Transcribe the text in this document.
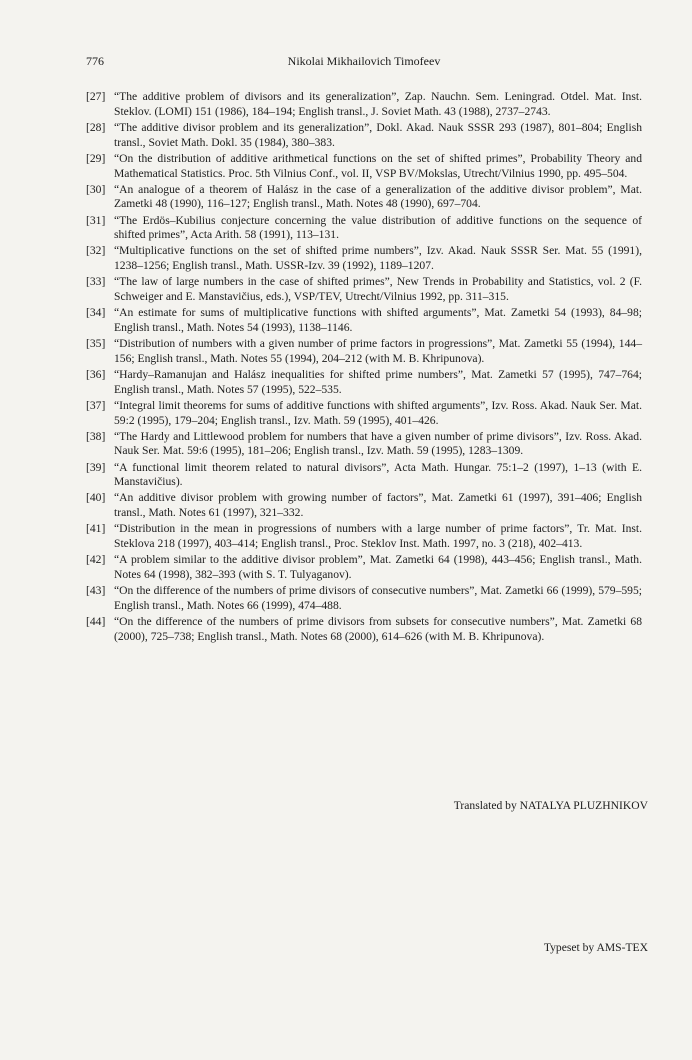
776	Nikolai Mikhailovich Timofeev
[27] “The additive problem of divisors and its generalization”, Zap. Nauchn. Sem. Leningrad. Otdel. Mat. Inst. Steklov. (LOMI) 151 (1986), 184–194; English transl., J. Soviet Math. 43 (1988), 2737–2743.
[28] “The additive divisor problem and its generalization”, Dokl. Akad. Nauk SSSR 293 (1987), 801–804; English transl., Soviet Math. Dokl. 35 (1984), 380–383.
[29] “On the distribution of additive arithmetical functions on the set of shifted primes”, Probability Theory and Mathematical Statistics. Proc. 5th Vilnius Conf., vol. II, VSP BV/Mokslas, Utrecht/Vilnius 1990, pp. 495–504.
[30] “An analogue of a theorem of Halász in the case of a generalization of the additive divisor problem”, Mat. Zametki 48 (1990), 116–127; English transl., Math. Notes 48 (1990), 697–704.
[31] “The Erdös–Kubilius conjecture concerning the value distribution of additive functions on the sequence of shifted primes”, Acta Arith. 58 (1991), 113–131.
[32] “Multiplicative functions on the set of shifted prime numbers”, Izv. Akad. Nauk SSSR Ser. Mat. 55 (1991), 1238–1256; English transl., Math. USSR-Izv. 39 (1992), 1189–1207.
[33] “The law of large numbers in the case of shifted primes”, New Trends in Probability and Statistics, vol. 2 (F. Schweiger and E. Manstavičius, eds.), VSP/TEV, Utrecht/Vilnius 1992, pp. 311–315.
[34] “An estimate for sums of multiplicative functions with shifted arguments”, Mat. Zametki 54 (1993), 84–98; English transl., Math. Notes 54 (1993), 1138–1146.
[35] “Distribution of numbers with a given number of prime factors in progressions”, Mat. Zametki 55 (1994), 144–156; English transl., Math. Notes 55 (1994), 204–212 (with M. B. Khripunova).
[36] “Hardy–Ramanujan and Halász inequalities for shifted prime numbers”, Mat. Zametki 57 (1995), 747–764; English transl., Math. Notes 57 (1995), 522–535.
[37] “Integral limit theorems for sums of additive functions with shifted arguments”, Izv. Ross. Akad. Nauk Ser. Mat. 59:2 (1995), 179–204; English transl., Izv. Math. 59 (1995), 401–426.
[38] “The Hardy and Littlewood problem for numbers that have a given number of prime divisors”, Izv. Ross. Akad. Nauk Ser. Mat. 59:6 (1995), 181–206; English transl., Izv. Math. 59 (1995), 1283–1309.
[39] “A functional limit theorem related to natural divisors”, Acta Math. Hungar. 75:1–2 (1997), 1–13 (with E. Manstavičius).
[40] “An additive divisor problem with growing number of factors”, Mat. Zametki 61 (1997), 391–406; English transl., Math. Notes 61 (1997), 321–332.
[41] “Distribution in the mean in progressions of numbers with a large number of prime factors”, Tr. Mat. Inst. Steklova 218 (1997), 403–414; English transl., Proc. Steklov Inst. Math. 1997, no. 3 (218), 402–413.
[42] “A problem similar to the additive divisor problem”, Mat. Zametki 64 (1998), 443–456; English transl., Math. Notes 64 (1998), 382–393 (with S. T. Tulyaganov).
[43] “On the difference of the numbers of prime divisors of consecutive numbers”, Mat. Zametki 66 (1999), 579–595; English transl., Math. Notes 66 (1999), 474–488.
[44] “On the difference of the numbers of prime divisors from subsets for consecutive numbers”, Mat. Zametki 68 (2000), 725–738; English transl., Math. Notes 68 (2000), 614–626 (with M. B. Khripunova).
Translated by NATALYA PLUZHNIKOV
Typeset by AMS-TEX
